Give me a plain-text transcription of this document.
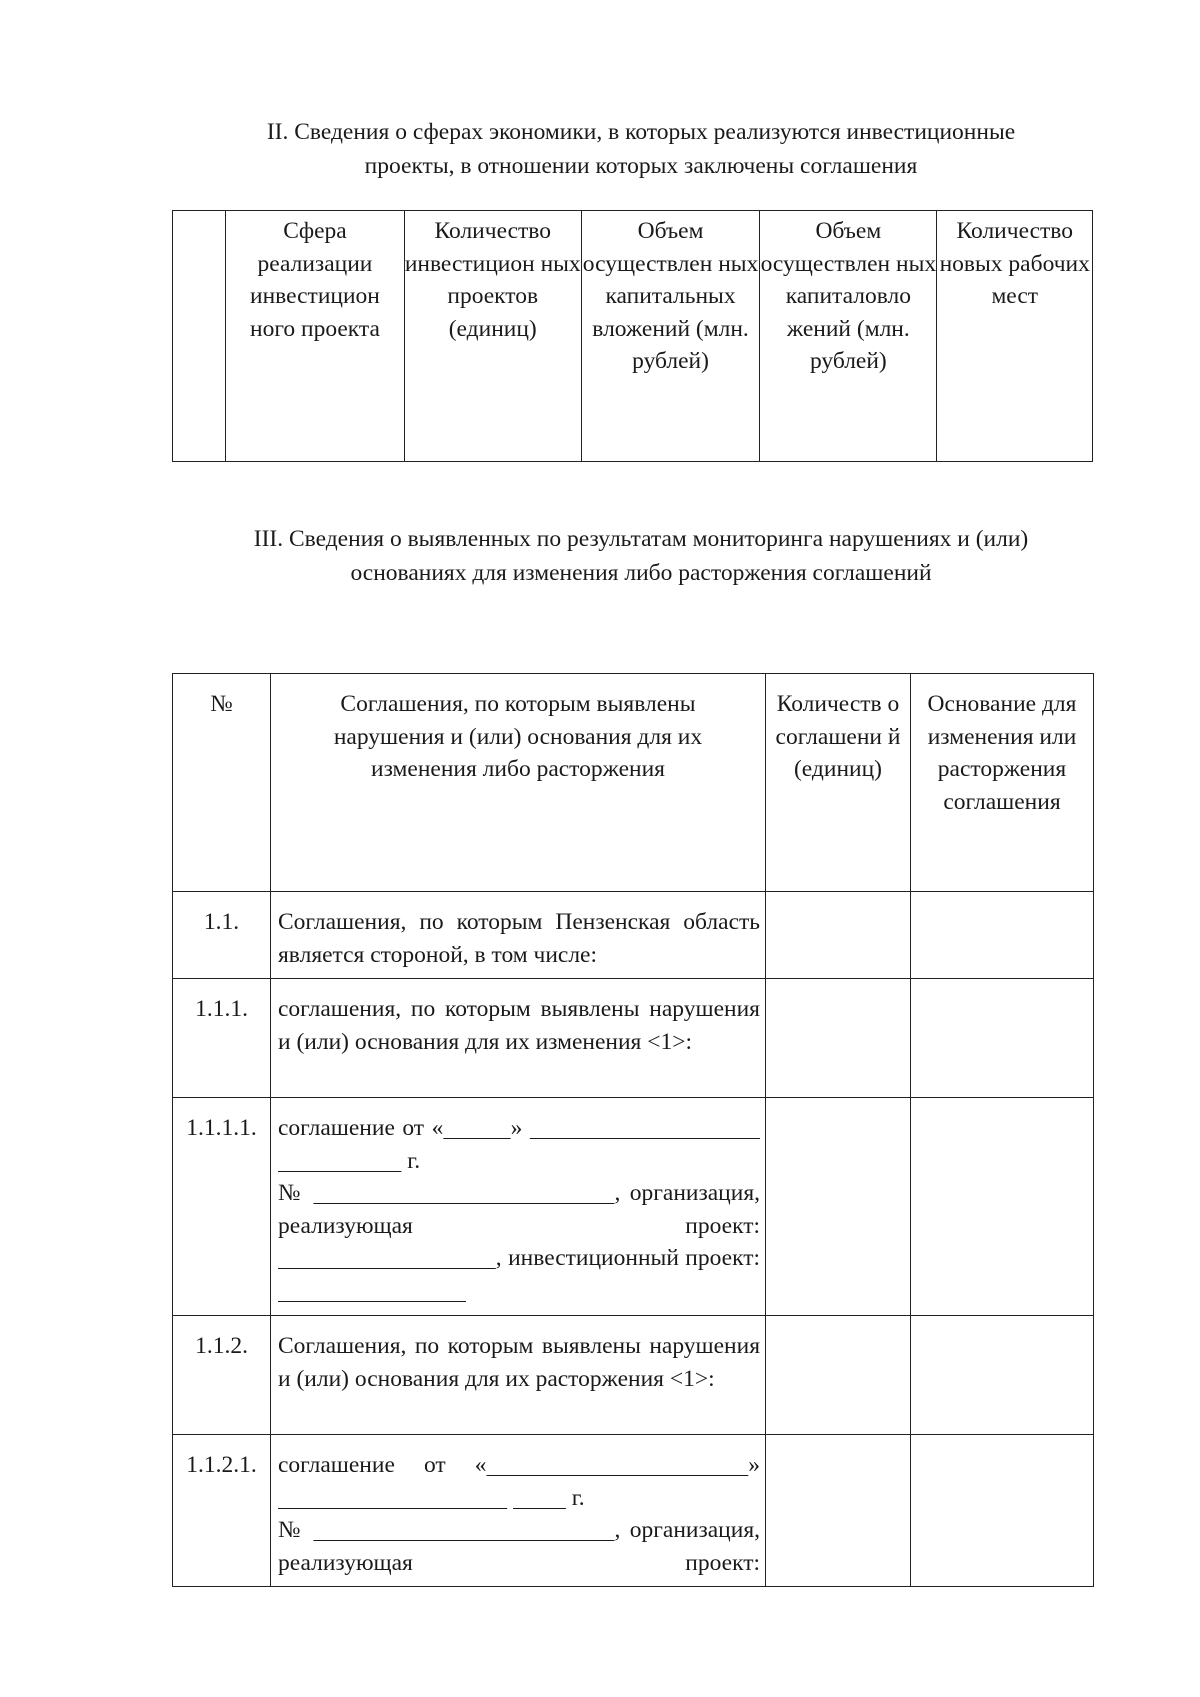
II. Сведения о сферах экономики, в которых реализуются инвестиционные
проекты, в отношении которых заключены соглашения
	Сфера реализации инвестицион ного проекта	Количество инвестицион ных проектов (единиц)	Объем осуществлен ных капитальных вложений (млн. рублей)	Объем осуществлен ных капиталовло жений (млн. рублей)	Количество новых рабочих мест
III. Сведения о выявленных по результатам мониторинга нарушениях и (или)
основаниях для изменения либо расторжения соглашений
№	Соглашения, по которым выявлены нарушения и (или) основания для их изменения либо расторжения	Количеств о соглашени й (единиц)	Основание для изменения или расторжения соглашения
1.1.	Соглашения, по которым Пензенская область является стороной, в том числе:		
1.1.1.	соглашения, по которым выявлены нарушения и (или) основания для их изменения <1>:		
1.1.1.1.	соглашение от « »
г.
№ , организация, реализующая проект:
, инвестиционный проект:		

1.1.2.	Соглашения, по которым выявлены нарушения и (или) основания для их расторжения <1>:		
1.1.2.1.	соглашение от « »
г.
№ , организация, реализующая проект:		
